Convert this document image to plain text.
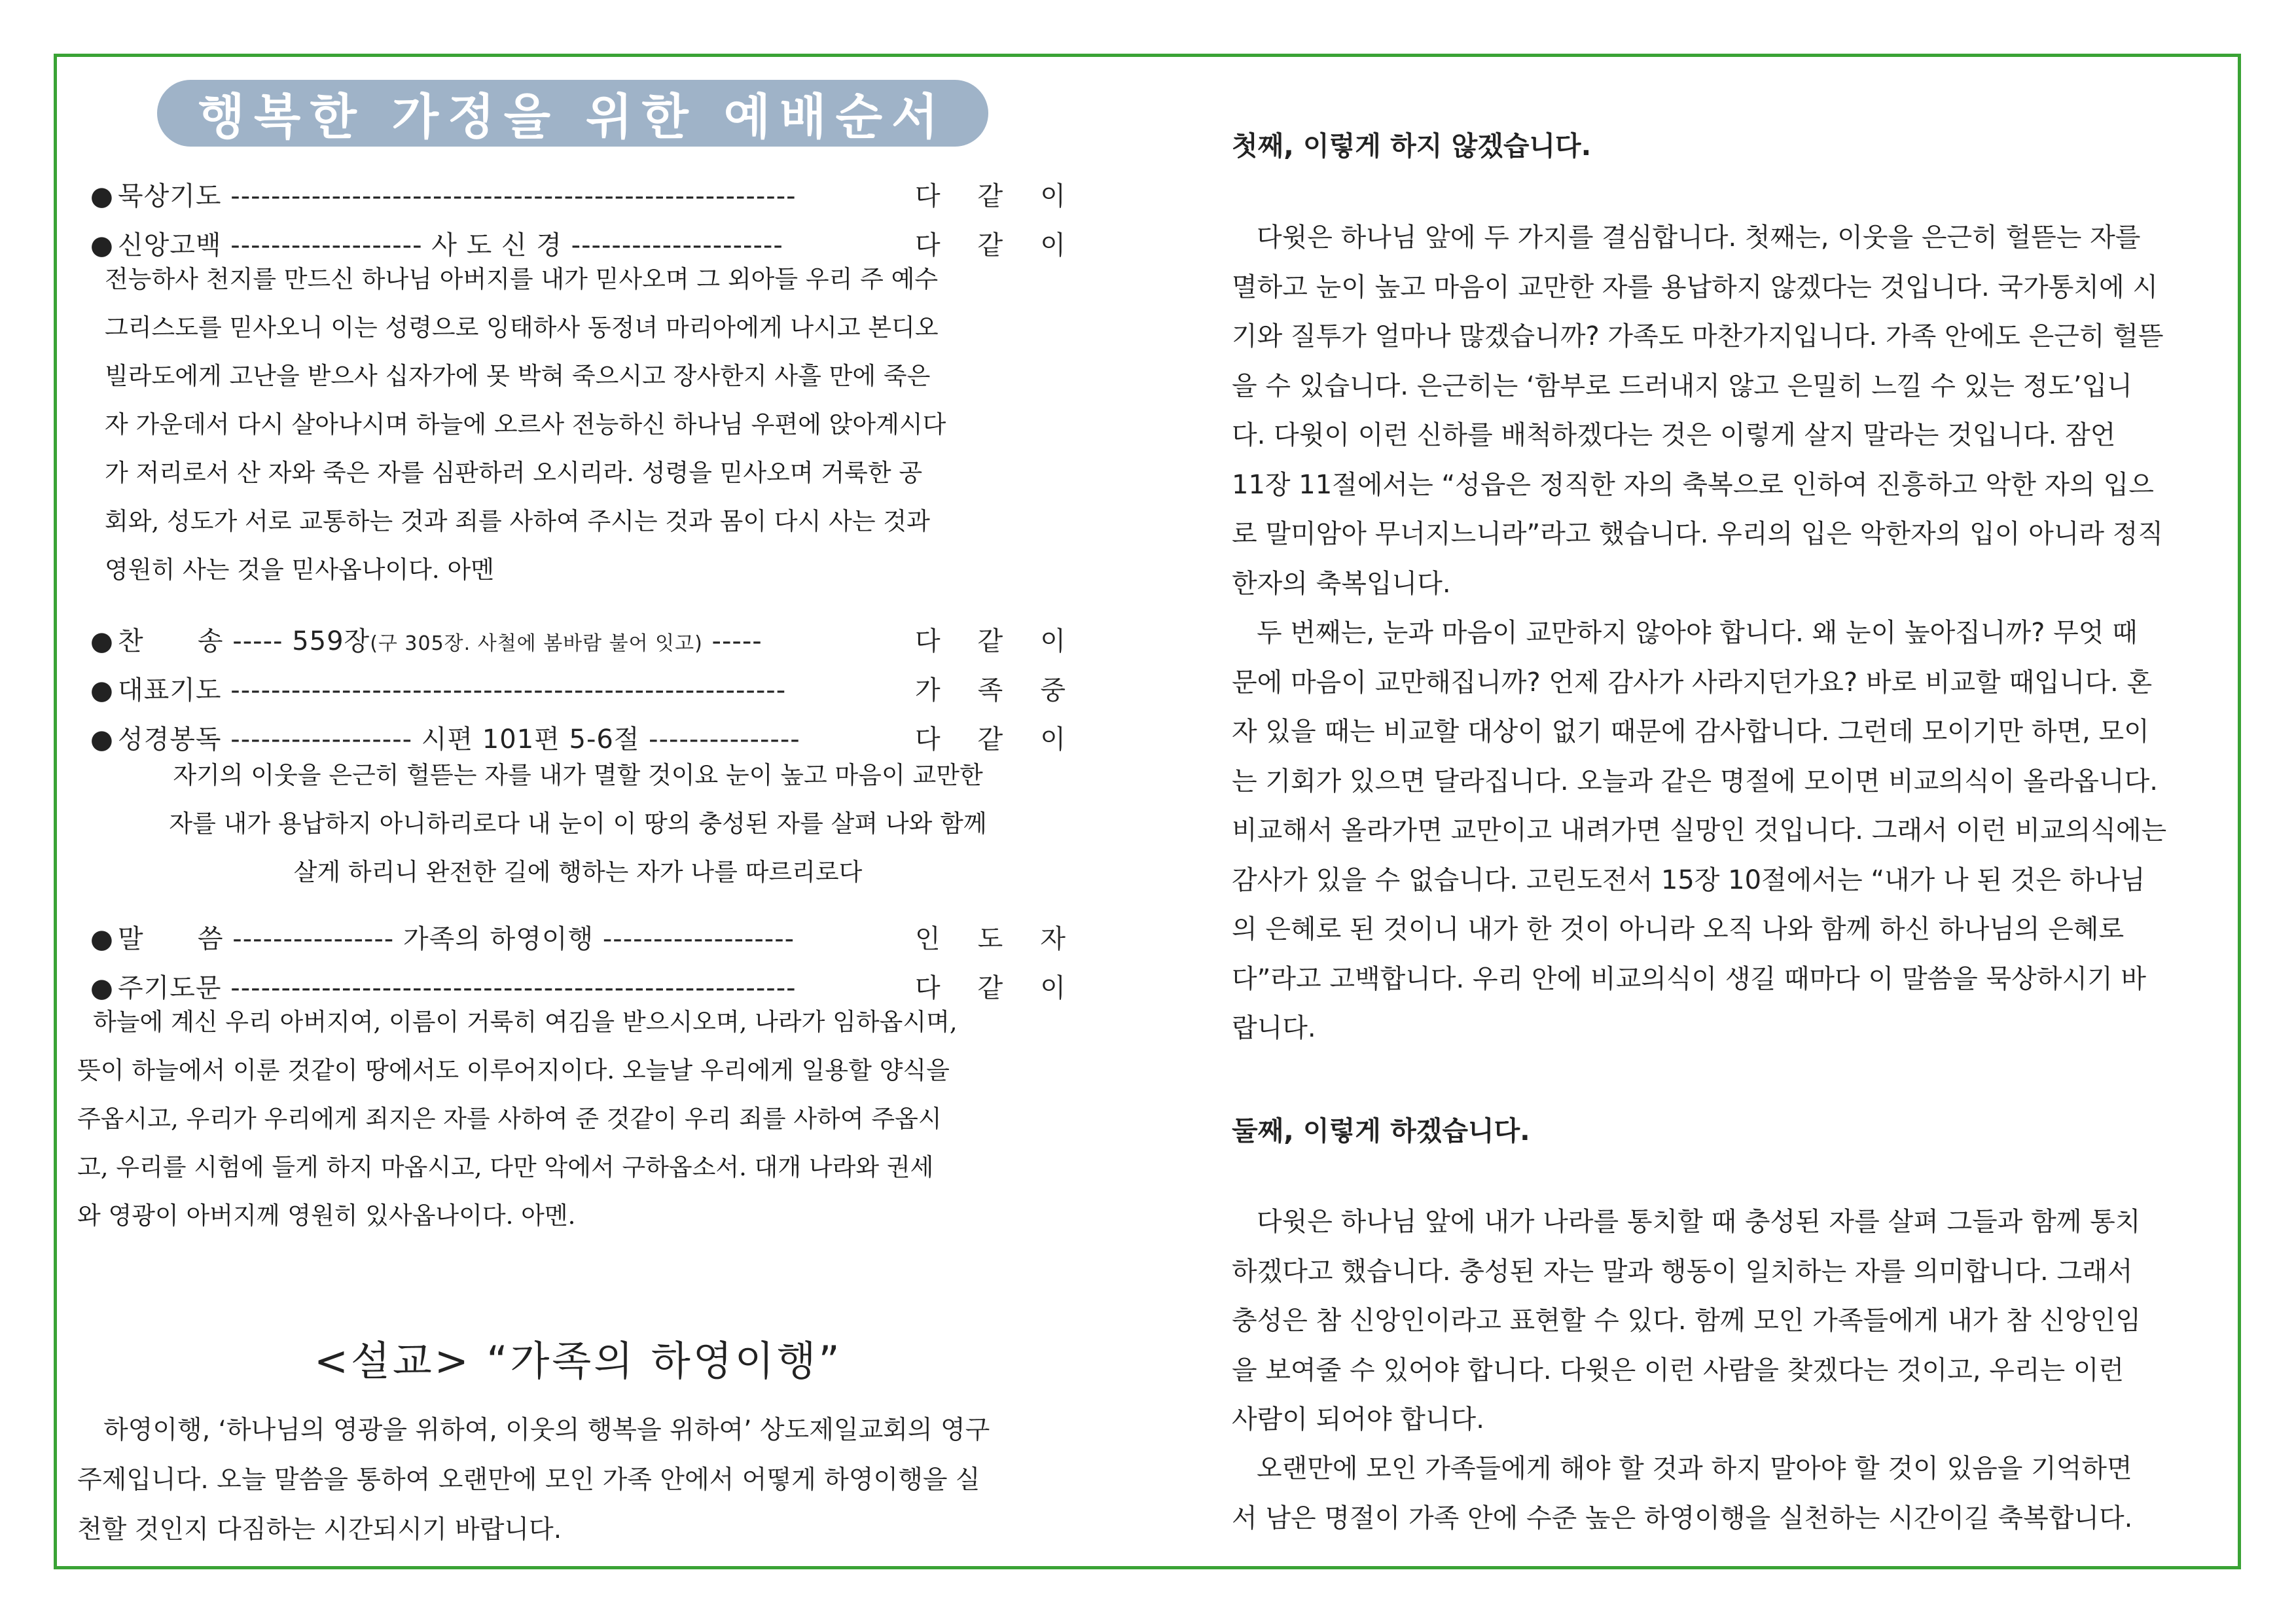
행복한 가정을 위한 예배순서
● 묵상기도 --------------------------------------------------------	다 같 이
● 신앙고백 ------------------- 사 도 신 경 ---------------------	다 같 이
전능하사 천지를 만드신 하나님 아버지를 내가 믿사오며 그 외아들 우리 주 예수
그리스도를 믿사오니 이는 성령으로 잉태하사 동정녀 마리아에게 나시고 본디오
빌라도에게 고난을 받으사 십자가에 못 박혀 죽으시고 장사한지 사흘 만에 죽은
자 가운데서 다시 살아나시며 하늘에 오르사 전능하신 하나님 우편에 앉아계시다
가 저리로서 산 자와 죽은 자를 심판하러 오시리라. 성령을 믿사오며 거룩한 공
회와, 성도가 서로 교통하는 것과 죄를 사하여 주시는 것과 몸이 다시 사는 것과
영원히 사는 것을 믿사옵나이다. 아멘
● 찬      송 ----- 559장(구 305장. 사철에 봄바람 불어 잇고) -----	다 같 이
● 대표기도 -------------------------------------------------------	가 족 중
● 성경봉독 ------------------ 시편 101편 5-6절 ---------------	다 같 이
자기의 이웃을 은근히 헐뜯는 자를 내가 멸할 것이요 눈이 높고 마음이 교만한
자를 내가 용납하지 아니하리로다 내 눈이 이 땅의 충성된 자를 살펴 나와 함께
살게 하리니 완전한 길에 행하는 자가 나를 따르리로다
● 말      씀 ---------------- 가족의 하영이행 -------------------	인 도 자
● 주기도문 --------------------------------------------------------	다 같 이
하늘에 계신 우리 아버지여, 이름이 거룩히 여김을 받으시오며, 나라가 임하옵시며,
뜻이 하늘에서 이룬 것같이 땅에서도 이루어지이다. 오늘날 우리에게 일용할 양식을
주옵시고, 우리가 우리에게 죄지은 자를 사하여 준 것같이 우리 죄를 사하여 주옵시
고, 우리를 시험에 들게 하지 마옵시고, 다만 악에서 구하옵소서. 대개 나라와 권세
와 영광이 아버지께 영원히 있사옵나이다. 아멘.
<설교> “가족의 하영이행”
하영이행, ‘하나님의 영광을 위하여, 이웃의 행복을 위하여’ 상도제일교회의 영구
주제입니다. 오늘 말씀을 통하여 오랜만에 모인 가족 안에서 어떻게 하영이행을 실
천할 것인지 다짐하는 시간되시기 바랍니다.
첫째, 이렇게 하지 않겠습니다.
다윗은 하나님 앞에 두 가지를 결심합니다. 첫째는, 이웃을 은근히 헐뜯는 자를
멸하고 눈이 높고 마음이 교만한 자를 용납하지 않겠다는 것입니다. 국가통치에 시
기와 질투가 얼마나 많겠습니까? 가족도 마찬가지입니다. 가족 안에도 은근히 헐뜯
을 수 있습니다. 은근히는 ‘함부로 드러내지 않고 은밀히 느낄 수 있는 정도’입니
다. 다윗이 이런 신하를 배척하겠다는 것은 이렇게 살지 말라는 것입니다. 잠언
11장 11절에서는 “성읍은 정직한 자의 축복으로 인하여 진흥하고 악한 자의 입으
로 말미암아 무너지느니라”라고 했습니다. 우리의 입은 악한자의 입이 아니라 정직
한자의 축복입니다.
두 번째는, 눈과 마음이 교만하지 않아야 합니다. 왜 눈이 높아집니까? 무엇 때
문에 마음이 교만해집니까? 언제 감사가 사라지던가요? 바로 비교할 때입니다. 혼
자 있을 때는 비교할 대상이 없기 때문에 감사합니다. 그런데 모이기만 하면, 모이
는 기회가 있으면 달라집니다. 오늘과 같은 명절에 모이면 비교의식이 올라옵니다.
비교해서 올라가면 교만이고 내려가면 실망인 것입니다. 그래서 이런 비교의식에는
감사가 있을 수 없습니다. 고린도전서 15장 10절에서는 “내가 나 된 것은 하나님
의 은혜로 된 것이니 내가 한 것이 아니라 오직 나와 함께 하신 하나님의 은혜로
다”라고 고백합니다. 우리 안에 비교의식이 생길 때마다 이 말씀을 묵상하시기 바
랍니다.
둘째, 이렇게 하겠습니다.
다윗은 하나님 앞에 내가 나라를 통치할 때 충성된 자를 살펴 그들과 함께 통치
하겠다고 했습니다. 충성된 자는 말과 행동이 일치하는 자를 의미합니다. 그래서
충성은 참 신앙인이라고 표현할 수 있다. 함께 모인 가족들에게 내가 참 신앙인임
을 보여줄 수 있어야 합니다. 다윗은 이런 사람을 찾겠다는 것이고, 우리는 이런
사람이 되어야 합니다.
오랜만에 모인 가족들에게 해야 할 것과 하지 말아야 할 것이 있음을 기억하면
서 남은 명절이 가족 안에 수준 높은 하영이행을 실천하는 시간이길 축복합니다.
